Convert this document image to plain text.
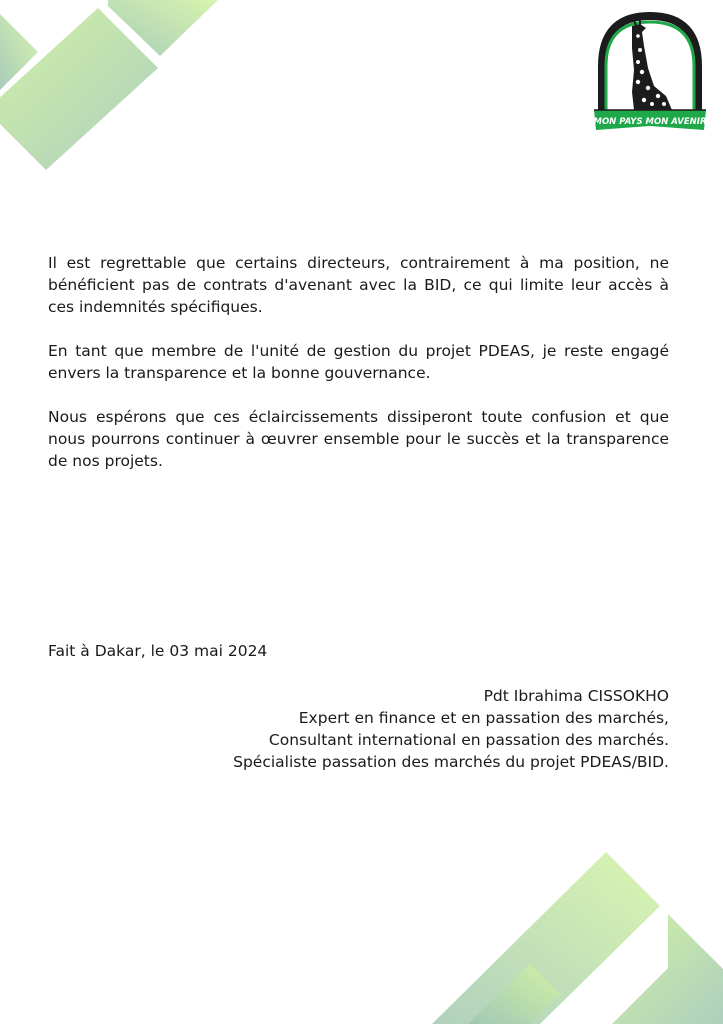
MON PAYS MON AVENIR

Il est regrettable que certains directeurs, contrairement à ma position, ne bénéficient pas de contrats d'avenant avec la BID, ce qui limite leur accès à ces indemnités spécifiques.

En tant que membre de l'unité de gestion du projet PDEAS, je reste engagé envers la transparence et la bonne gouvernance.

Nous espérons que ces éclaircissements dissiperont toute confusion et que nous pourrons continuer à œuvrer ensemble pour le succès et la transparence de nos projets.

Fait à Dakar, le 03 mai 2024
Pdt Ibrahima CISSOKHO
Expert en finance et en passation des marchés,
Consultant international en passation des marchés.
Spécialiste passation des marchés du projet PDEAS/BID.
